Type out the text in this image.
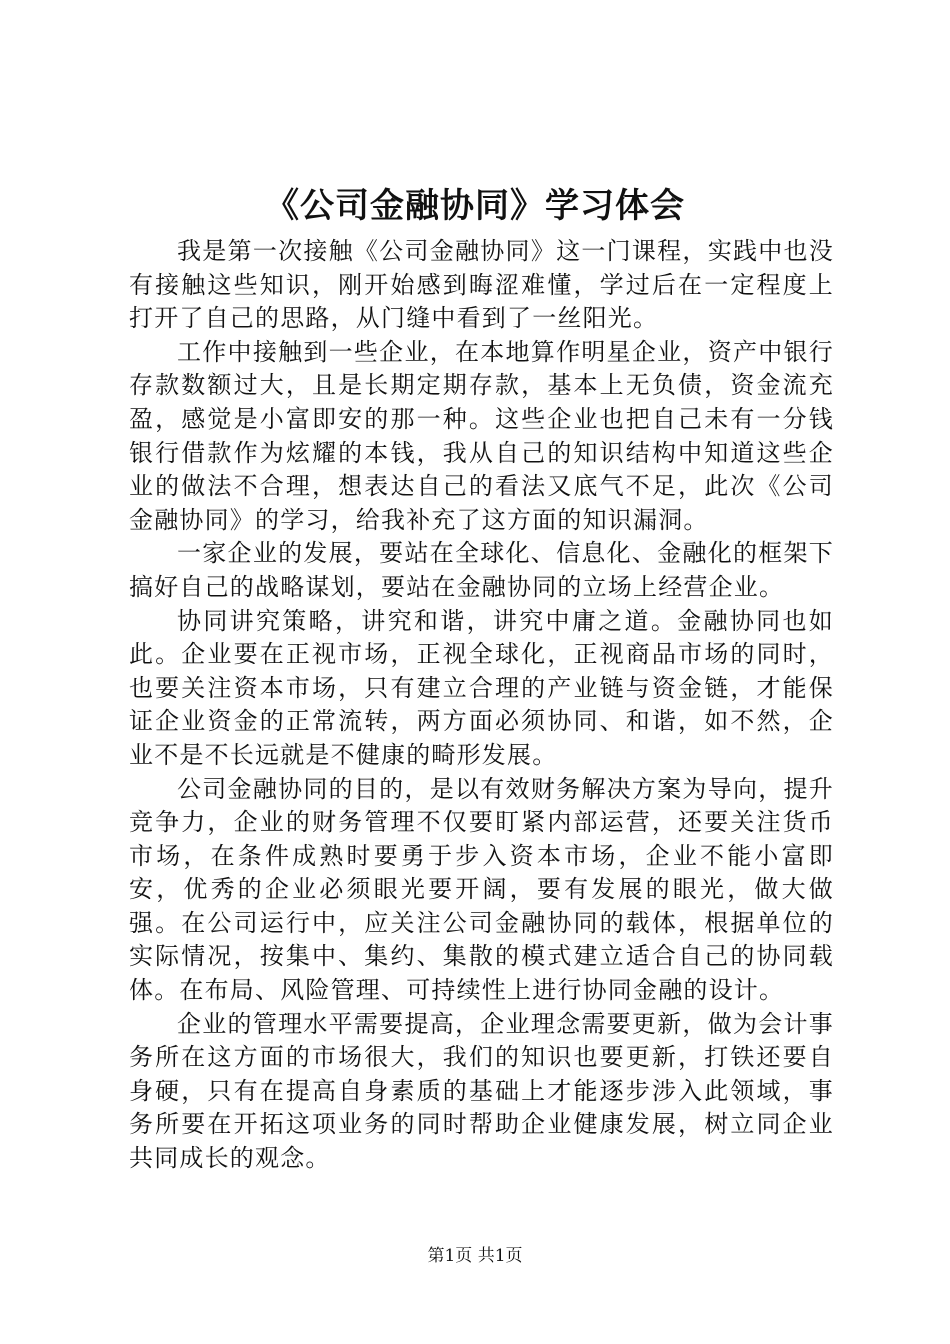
《公司金融协同》学习体会

我是第一次接触《公司金融协同》这一门课程，实践中也没有接触这些知识，刚开始感到晦涩难懂，学过后在一定程度上打开了自己的思路，从门缝中看到了一丝阳光。

工作中接触到一些企业，在本地算作明星企业，资产中银行存款数额过大，且是长期定期存款，基本上无负债，资金流充盈，感觉是小富即安的那一种。这些企业也把自己未有一分钱银行借款作为炫耀的本钱，我从自己的知识结构中知道这些企业的做法不合理，想表达自己的看法又底气不足，此次《公司金融协同》的学习，给我补充了这方面的知识漏洞。

一家企业的发展，要站在全球化、信息化、金融化的框架下搞好自己的战略谋划，要站在金融协同的立场上经营企业。

协同讲究策略，讲究和谐，讲究中庸之道。金融协同也如此。企业要在正视市场，正视全球化，正视商品市场的同时，也要关注资本市场，只有建立合理的产业链与资金链，才能保证企业资金的正常流转，两方面必须协同、和谐，如不然，企业不是不长远就是不健康的畸形发展。

公司金融协同的目的，是以有效财务解决方案为导向，提升竞争力，企业的财务管理不仅要盯紧内部运营，还要关注货币市场，在条件成熟时要勇于步入资本市场，企业不能小富即安，优秀的企业必须眼光要开阔，要有发展的眼光，做大做强。在公司运行中，应关注公司金融协同的载体，根据单位的实际情况，按集中、集约、集散的模式建立适合自己的协同载体。在布局、风险管理、可持续性上进行协同金融的设计。

企业的管理水平需要提高，企业理念需要更新，做为会计事务所在这方面的市场很大，我们的知识也要更新，打铁还要自身硬，只有在提高自身素质的基础上才能逐步涉入此领域，事务所要在开拓这项业务的同时帮助企业健康发展，树立同企业共同成长的观念。

第1页 共1页
